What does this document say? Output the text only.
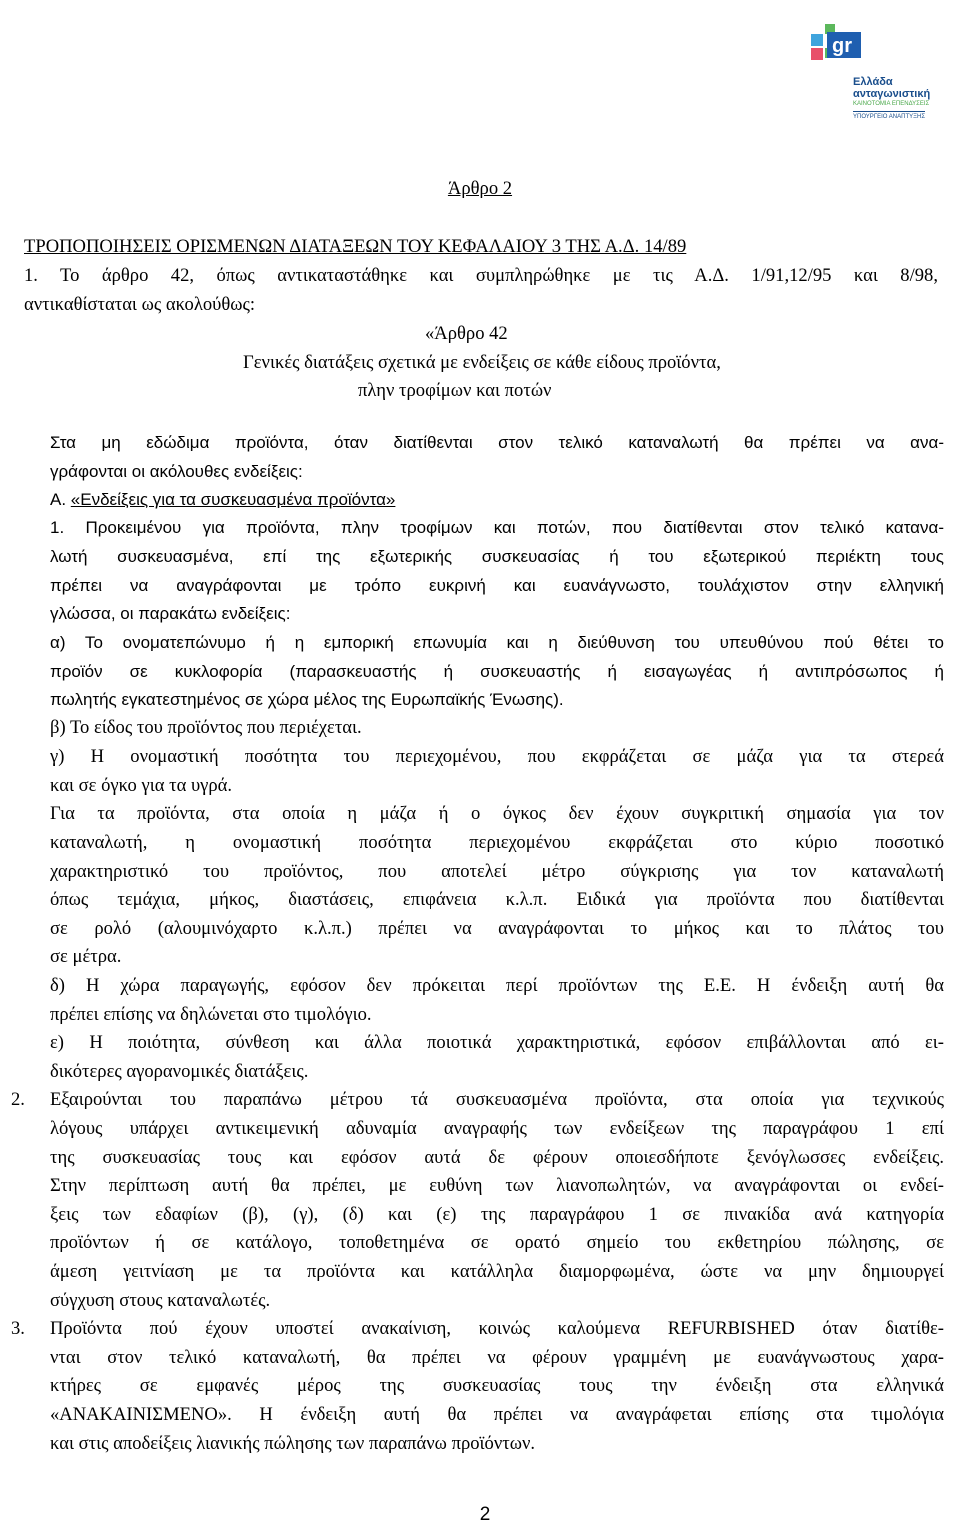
gr
Ελλάδα
ανταγωνιστική
ΚΑΙΝΟΤΟΜΙΑ ΕΠΕΝΔΥΣΕΙΣ
ΥΠΟΥΡΓΕΙΟ ΑΝΑΠΤΥΞΗΣ
Άρθρο 2
ΤΡΟΠΟΠΟΙΗΣΕΙΣ ΟΡΙΣΜΕΝΩΝ ΔΙΑΤΑΞΕΩΝ ΤΟΥ ΚΕΦΑΛΑΙΟΥ 3 ΤΗΣ Α.Δ. 14/89
1. Το άρθρο 42, όπως αντικαταστάθηκε και συμπληρώθηκε με τις Α.Δ. 1/91,12/95 και 8/98,
αντικαθίσταται ως ακολούθως:
«Άρθρο 42
Γενικές διατάξεις σχετικά με ενδείξεις σε κάθε είδους προϊόντα,
πλην τροφίμων και ποτών
Στα μη εδώδιμα προϊόντα, όταν διατίθενται στον τελικό καταναλωτή θα πρέπει να ανα-
γράφονται οι ακόλουθες ενδείξεις:
Α. «Ενδείξεις για τα συσκευασμένα προϊόντα»
1. Προκειμένου για προϊόντα, πλην τροφίμων και ποτών, που διατίθενται στον τελικό κατανα-
λωτή συσκευασμένα, επί της εξωτερικής συσκευασίας ή του εξωτερικού περιέκτη τους
πρέπει να αναγράφονται με τρόπο ευκρινή και ευανάγνωστο, τουλάχιστον στην ελληνική
γλώσσα, οι παρακάτω ενδείξεις:
α) Το ονοματεπώνυμο ή η εμπορική επωνυμία και η διεύθυνση του υπευθύνου πού θέτει το
προϊόν σε κυκλοφορία (παρασκευαστής ή συσκευαστής ή εισαγωγέας ή αντιπρόσωπος ή
πωλητής εγκατεστημένος σε χώρα μέλος της Ευρωπαϊκής Ένωσης).
β) Το είδος του προϊόντος που περιέχεται.
γ) Η ονομαστική ποσότητα του περιεχομένου, που εκφράζεται σε μάζα για τα στερεά
και σε όγκο για τα υγρά.
Για τα προϊόντα, στα οποία η μάζα ή ο όγκος δεν έχουν συγκριτική σημασία για τον
καταναλωτή, η ονομαστική ποσότητα περιεχομένου εκφράζεται στο κύριο ποσοτικό
χαρακτηριστικό του προϊόντος, που αποτελεί μέτρο σύγκρισης για τον καταναλωτή
όπως τεμάχια, μήκος, διαστάσεις, επιφάνεια κ.λ.π. Ειδικά για προϊόντα που διατίθενται
σε ρολό (αλουμινόχαρτο κ.λ.π.) πρέπει να αναγράφονται το μήκος και το πλάτος του
σε μέτρα.
δ) Η χώρα παραγωγής, εφόσον δεν πρόκειται περί προϊόντων της Ε.Ε. Η ένδειξη αυτή θα
πρέπει επίσης να δηλώνεται στο τιμολόγιο.
ε) Η ποιότητα, σύνθεση και άλλα ποιοτικά χαρακτηριστικά, εφόσον επιβάλλονται από ει-
δικότερες αγορανομικές διατάξεις.
2. Εξαιρούνται του παραπάνω μέτρου τά συσκευασμένα προϊόντα, στα οποία για τεχνικούς
λόγους υπάρχει αντικειμενική αδυναμία αναγραφής των ενδείξεων της παραγράφου 1 επί
της συσκευασίας τους και εφόσον αυτά δε φέρουν οποιεσδήποτε ξενόγλωσσες ενδείξεις.
Στην περίπτωση αυτή θα πρέπει, με ευθύνη των λιανοπωλητών, να αναγράφονται οι ενδεί-
ξεις των εδαφίων (β), (γ), (δ) και (ε) της παραγράφου 1 σε πινακίδα ανά κατηγορία
προϊόντων ή σε κατάλογο, τοποθετημένα σε ορατό σημείο του εκθετηρίου πώλησης, σε
άμεση γειτνίαση με τα προϊόντα και κατάλληλα διαμορφωμένα, ώστε να μην δημιουργεί
σύγχυση στους καταναλωτές.
3. Προϊόντα πού έχουν υποστεί ανακαίνιση, κοινώς καλούμενα REFURBISHED όταν διατίθε-
νται στον τελικό καταναλωτή, θα πρέπει να φέρουν γραμμένη με ευανάγνωστους χαρα-
κτήρες σε εμφανές μέρος της συσκευασίας τους την ένδειξη στα ελληνικά
«ΑΝΑΚΑΙΝΙΣΜΕΝΟ». Η ένδειξη αυτή θα πρέπει να αναγράφεται επίσης στα τιμολόγια
και στις αποδείξεις λιανικής πώλησης των παραπάνω προϊόντων.
2
